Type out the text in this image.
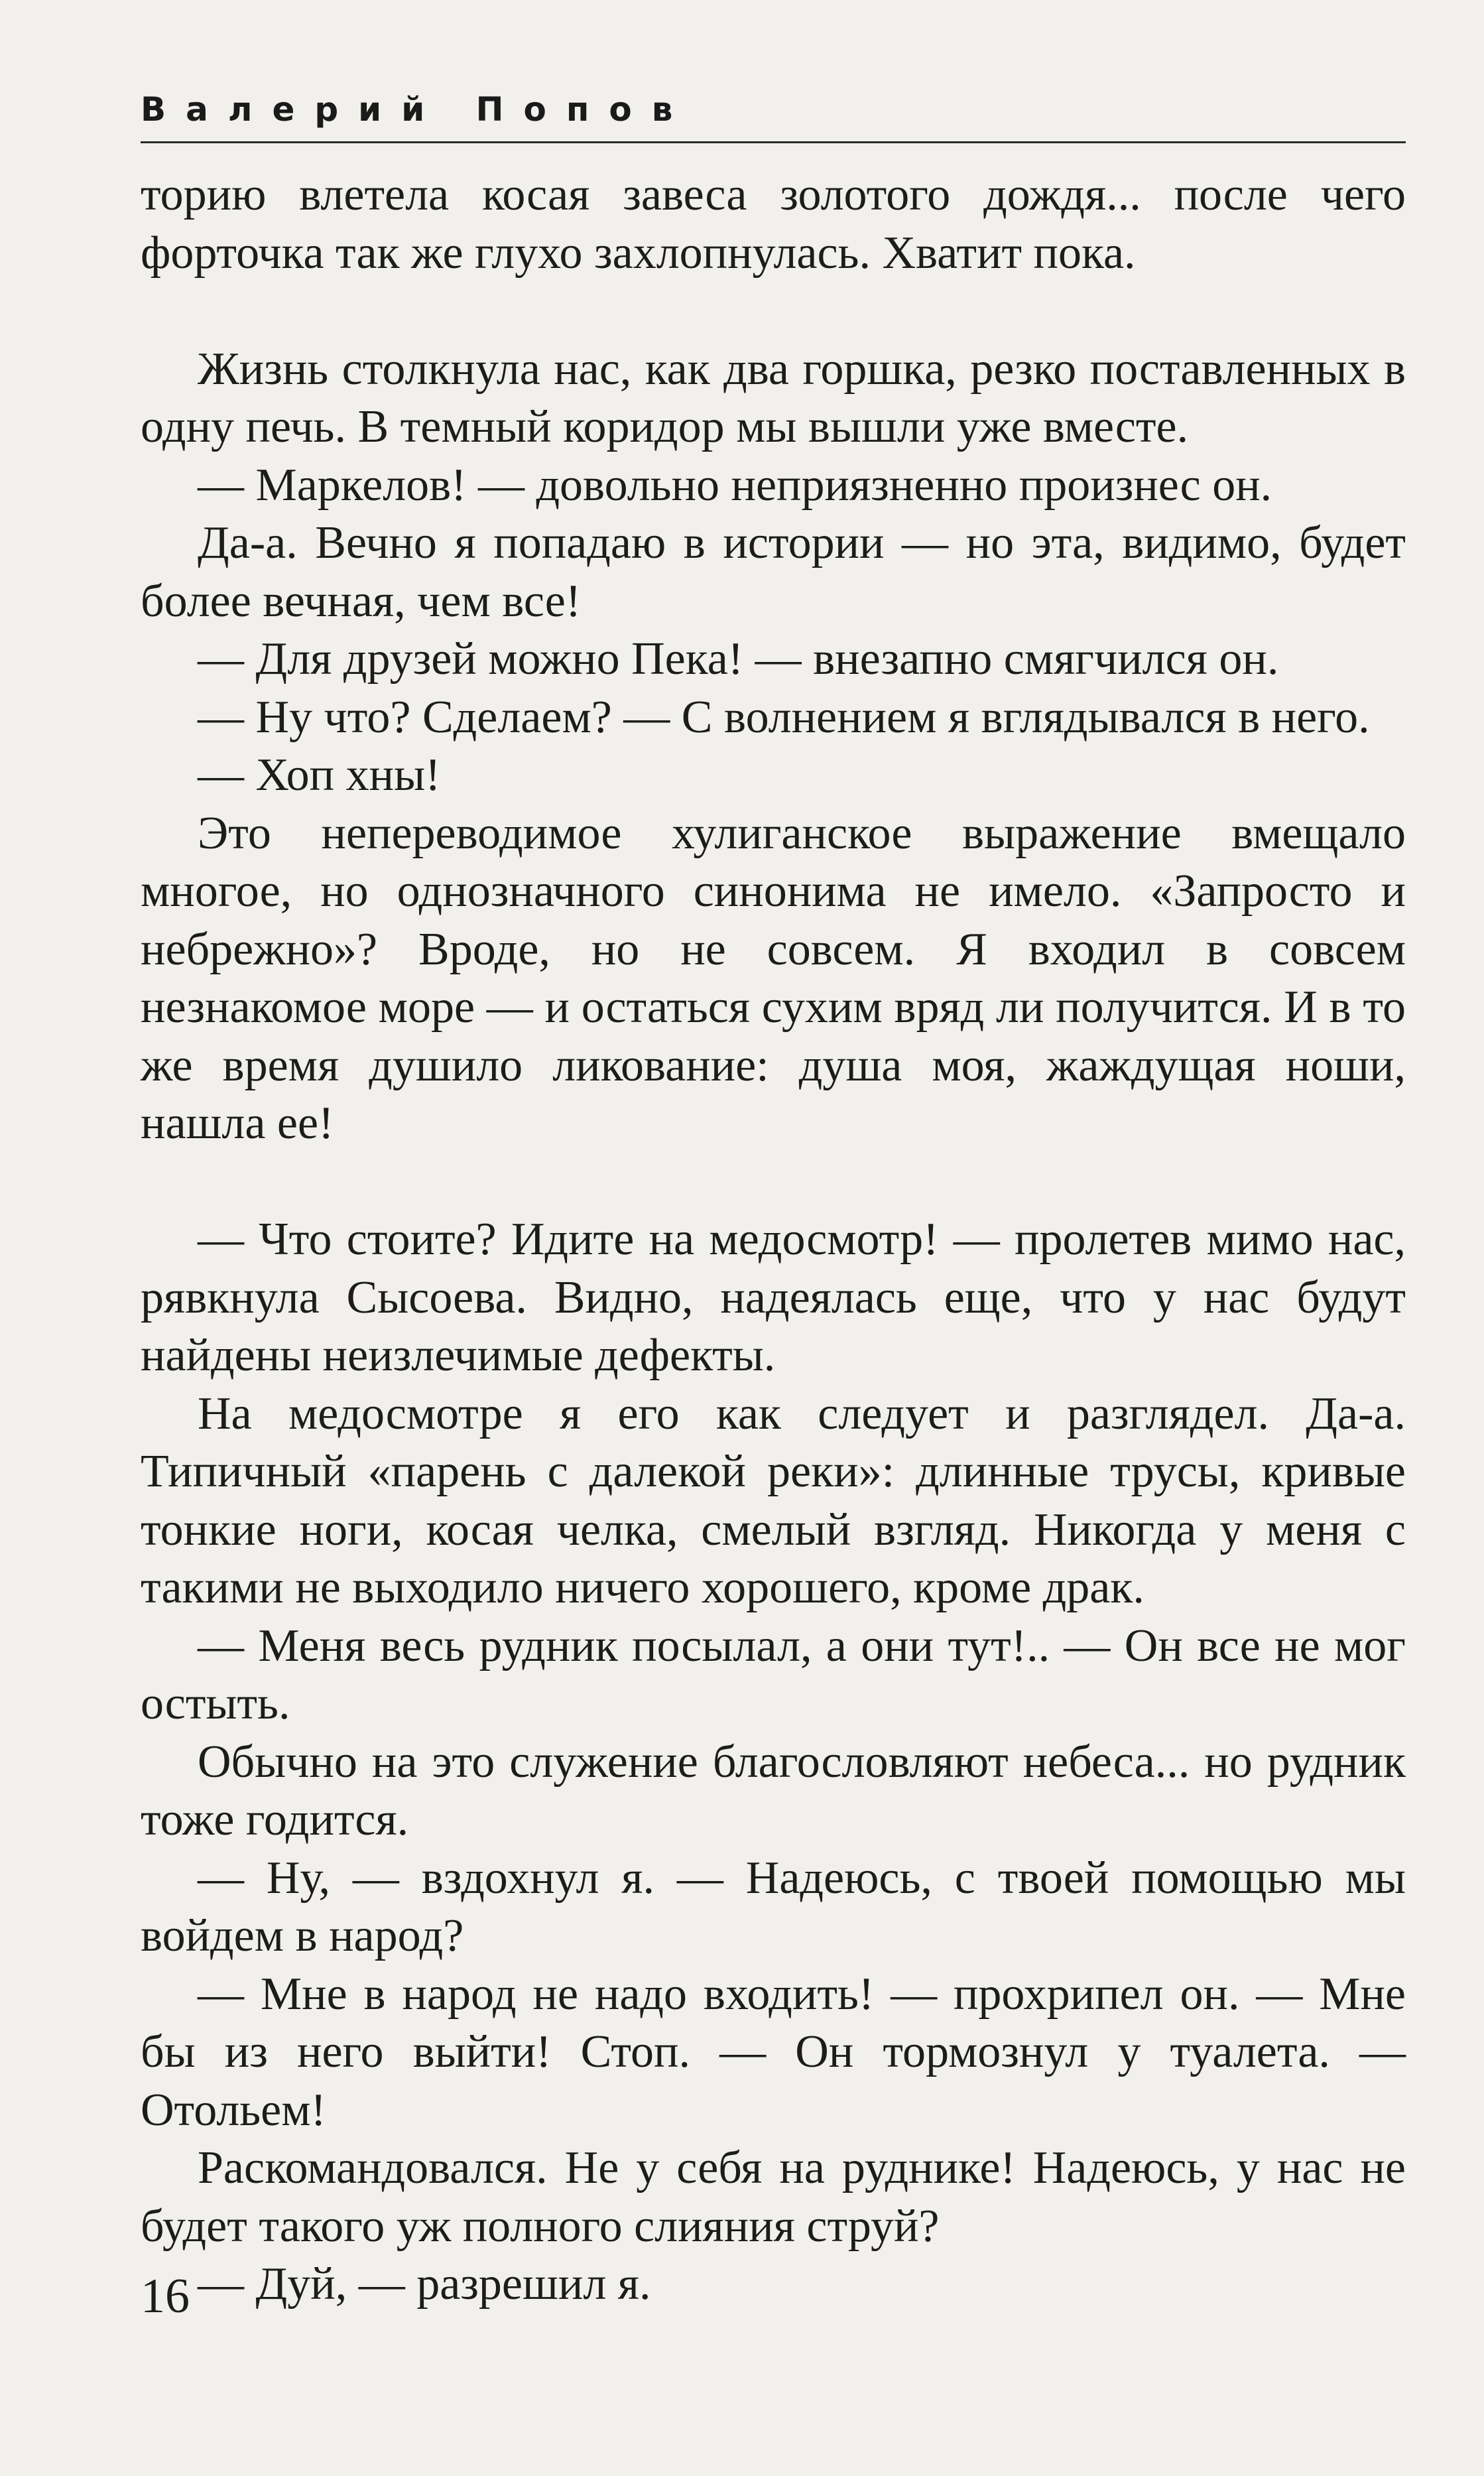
Валерий Попов

торию влетела косая завеса золотого дождя... после чего форточка так же глухо захлопнулась. Хватит пока.

Жизнь столкнула нас, как два горшка, резко поставленных в одну печь. В темный коридор мы вышли уже вместе.

— Маркелов! — довольно неприязненно произнес он.

Да-а. Вечно я попадаю в истории — но эта, видимо, будет более вечная, чем все!

— Для друзей можно Пека! — внезапно смягчился он.

— Ну что? Сделаем? — С волнением я вглядывался в него.

— Хоп хны!

Это непереводимое хулиганское выражение вмещало многое, но однозначного синонима не имело. «Запросто и небрежно»? Вроде, но не совсем. Я входил в совсем незнакомое море — и остаться сухим вряд ли получится. И в то же время душило ликование: душа моя, жаждущая ноши, нашла ее!

— Что стоите? Идите на медосмотр! — пролетев мимо нас, рявкнула Сысоева. Видно, надеялась еще, что у нас будут найдены неизлечимые дефекты.

На медосмотре я его как следует и разглядел. Да-а. Типичный «парень с далекой реки»: длинные трусы, кривые тонкие ноги, косая челка, смелый взгляд. Никогда у меня с такими не выходило ничего хорошего, кроме драк.

— Меня весь рудник посылал, а они тут!.. — Он все не мог остыть.

Обычно на это служение благословляют небеса... но рудник тоже годится.

— Ну, — вздохнул я. — Надеюсь, с твоей помощью мы войдем в народ?

— Мне в народ не надо входить! — прохрипел он. — Мне бы из него выйти! Стоп. — Он тормознул у туалета. — Отольем!

Раскомандовался. Не у себя на руднике! Надеюсь, у нас не будет такого уж полного слияния струй?

— Дуй, — разрешил я.

16
